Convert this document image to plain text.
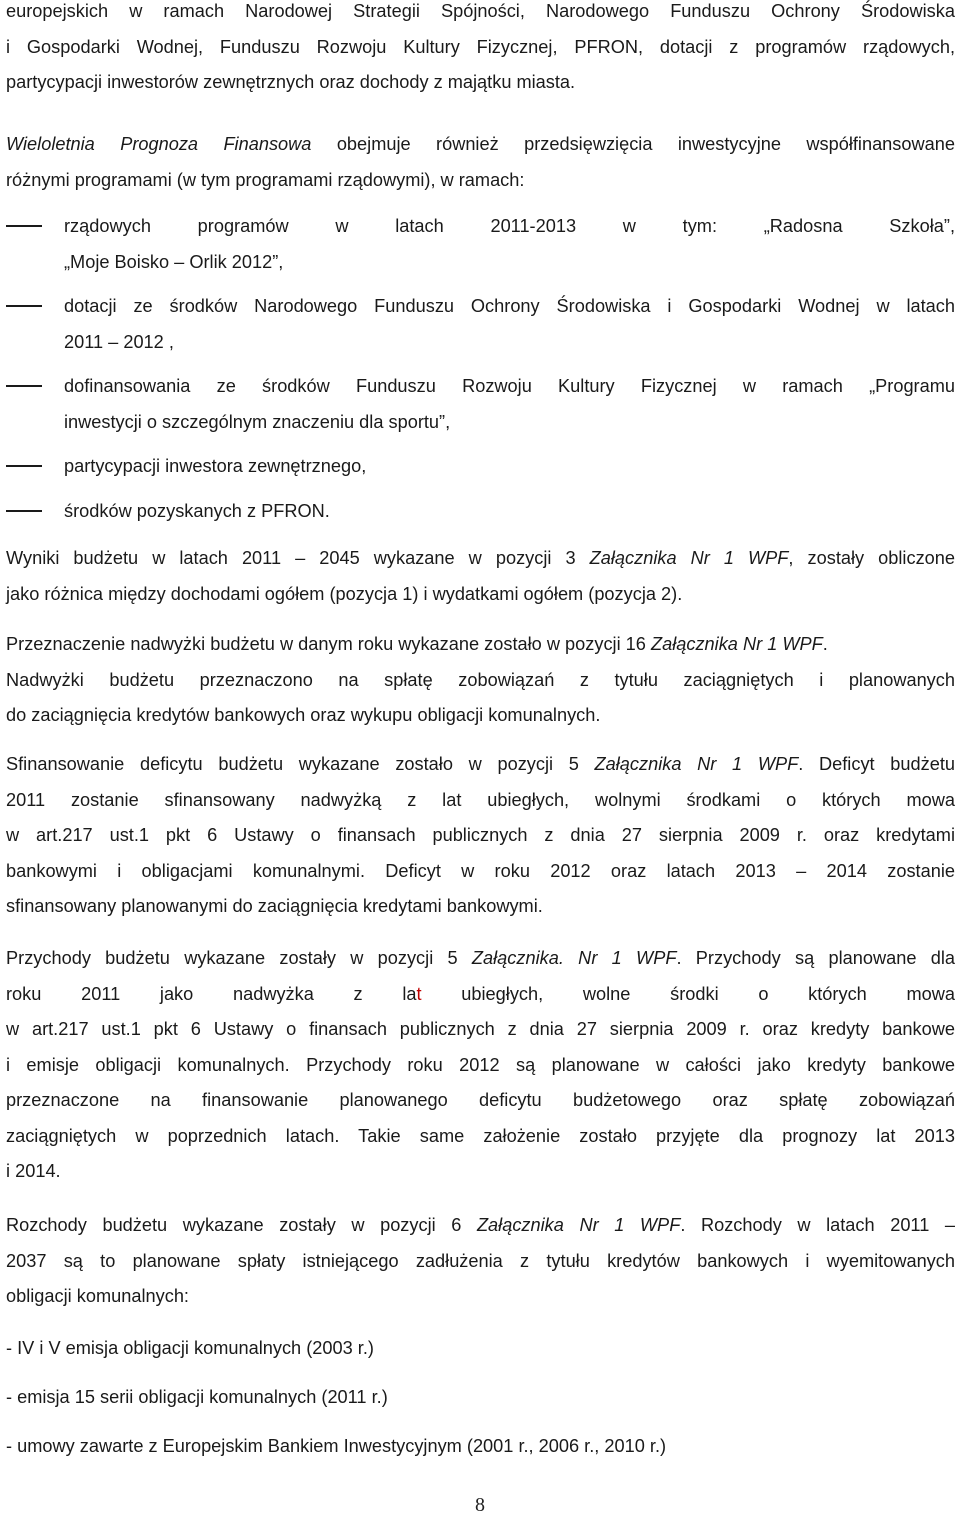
europejskich w ramach Narodowej Strategii Spójności, Narodowego Funduszu Ochrony Środowiska
i Gospodarki Wodnej, Funduszu Rozwoju Kultury Fizycznej, PFRON, dotacji z programów rządowych,
partycypacji inwestorów zewnętrznych oraz dochody z majątku miasta.
Wieloletnia Prognoza Finansowa obejmuje również przedsięwzięcia inwestycyjne współfinansowane
różnymi programami (w tym programami rządowymi), w ramach:
rządowych programów w latach 2011-2013 w tym: „Radosna Szkoła”,
„Moje Boisko – Orlik 2012”,
dotacji ze środków Narodowego Funduszu Ochrony Środowiska i Gospodarki Wodnej w latach
2011 – 2012 ,
dofinansowania ze środków Funduszu Rozwoju Kultury Fizycznej w ramach „Programu
inwestycji o szczególnym znaczeniu dla sportu”,
partycypacji inwestora zewnętrznego,
środków pozyskanych z PFRON.
Wyniki budżetu w latach 2011 – 2045 wykazane w pozycji 3 Załącznika Nr 1 WPF, zostały obliczone
jako różnica między dochodami ogółem (pozycja 1) i wydatkami ogółem (pozycja 2).
Przeznaczenie nadwyżki budżetu w danym roku wykazane zostało w pozycji 16 Załącznika Nr 1 WPF.
Nadwyżki budżetu przeznaczono na spłatę zobowiązań z tytułu zaciągniętych i planowanych
do zaciągnięcia kredytów bankowych oraz wykupu obligacji komunalnych.
Sfinansowanie deficytu budżetu wykazane zostało w pozycji 5 Załącznika Nr 1 WPF. Deficyt budżetu
2011 zostanie sfinansowany nadwyżką z lat ubiegłych, wolnymi środkami o których mowa
w art.217 ust.1 pkt 6 Ustawy o finansach publicznych z dnia 27 sierpnia 2009 r. oraz kredytami
bankowymi i obligacjami komunalnymi. Deficyt w roku 2012 oraz latach 2013 – 2014 zostanie
sfinansowany planowanymi do zaciągnięcia kredytami bankowymi.
Przychody budżetu wykazane zostały w pozycji 5 Załącznika. Nr 1 WPF. Przychody są planowane dla
roku 2011 jako nadwyżka z lat ubiegłych, wolne środki o których mowa
w art.217 ust.1 pkt 6 Ustawy o finansach publicznych z dnia 27 sierpnia 2009 r. oraz kredyty bankowe
i emisje obligacji komunalnych. Przychody roku 2012 są planowane w całości jako kredyty bankowe
przeznaczone na finansowanie planowanego deficytu budżetowego oraz spłatę zobowiązań
zaciągniętych w poprzednich latach. Takie same założenie zostało przyjęte dla prognozy lat 2013
i 2014.
Rozchody budżetu wykazane zostały w pozycji 6 Załącznika Nr 1 WPF. Rozchody w latach 2011 –
2037 są to planowane spłaty istniejącego zadłużenia z tytułu kredytów bankowych i wyemitowanych
obligacji komunalnych:
- IV i V emisja obligacji komunalnych (2003 r.)
- emisja 15 serii obligacji komunalnych (2011 r.)
- umowy zawarte z Europejskim Bankiem Inwestycyjnym (2001 r., 2006 r., 2010 r.)
8
